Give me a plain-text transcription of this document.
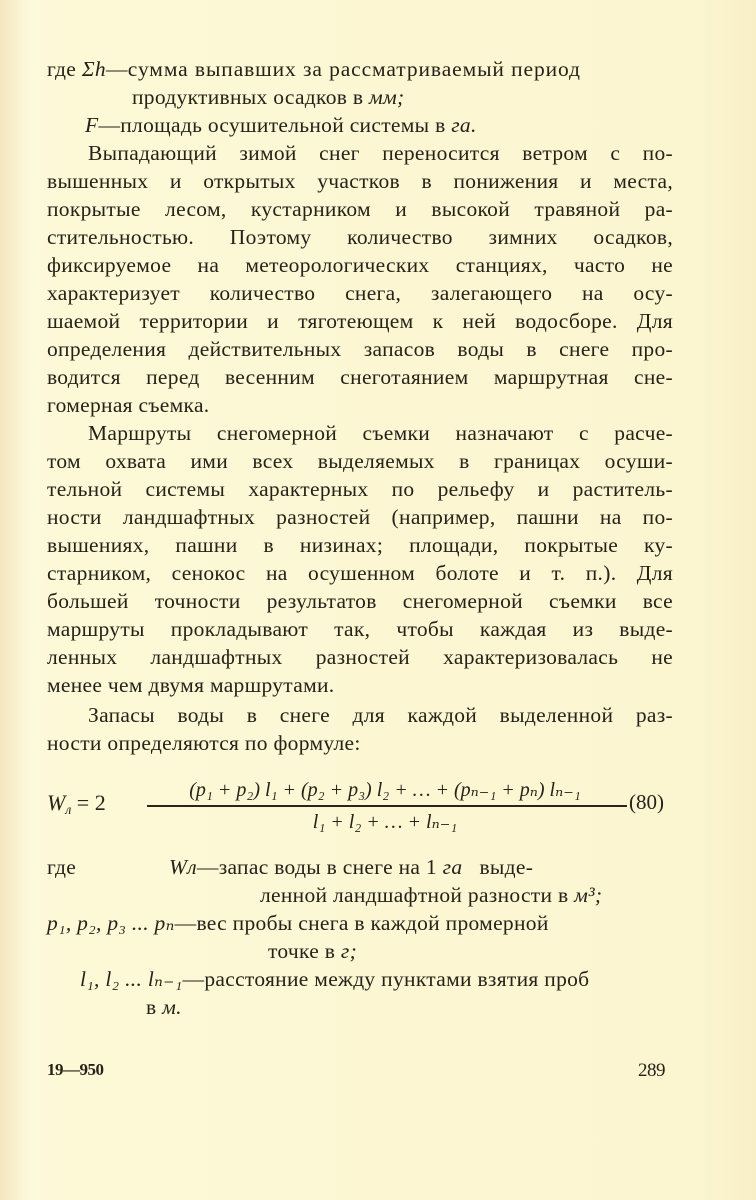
где Σh—сумма выпавших за рассматриваемый период
продуктивных осадков в мм;
F—площадь осушительной системы в га.
Выпадающий зимой снег переносится ветром с по-
вышенных и открытых участков в понижения и места,
покрытые лесом, кустарником и высокой травяной ра-
стительностью. Поэтому количество зимних осадков,
фиксируемое на метеорологических станциях, часто не
характеризует количество снега, залегающего на осу-
шаемой территории и тяготеющем к ней водосборе. Для
определения действительных запасов воды в снеге про-
водится перед весенним снеготаянием маршрутная сне-
гомерная съемка.
Маршруты снегомерной съемки назначают с расче-
том охвата ими всех выделяемых в границах осуши-
тельной системы характерных по рельефу и раститель-
ности ландшафтных разностей (например, пашни на по-
вышениях, пашни в низинах; площади, покрытые ку-
старником, сенокос на осушенном болоте и т. п.). Для
большей точности результатов снегомерной съемки все
маршруты прокладывают так, чтобы каждая из выде-
ленных ландшафтных разностей характеризовалась не
менее чем двумя маршрутами.
Запасы воды в снеге для каждой выделенной раз-
ности определяются по формуле:
$W_л = 2$	(p₁ + p₂) l₁ + (p₂ + p₃) l₂ + … + (pₙ₋₁ + pₙ) lₙ₋₁
l₁ + l₂ + … + lₙ₋₁
(80)
где	Wл—запас воды в снеге на 1 га выде-
ленной ландшафтной разности в м³;
p₁, p₂, p₃ ... pₙ—вес пробы снега в каждой промерной
точке в г;
l₁, l₂ ... lₙ₋₁—расстояние между пунктами взятия проб
в м.
19—950	289
